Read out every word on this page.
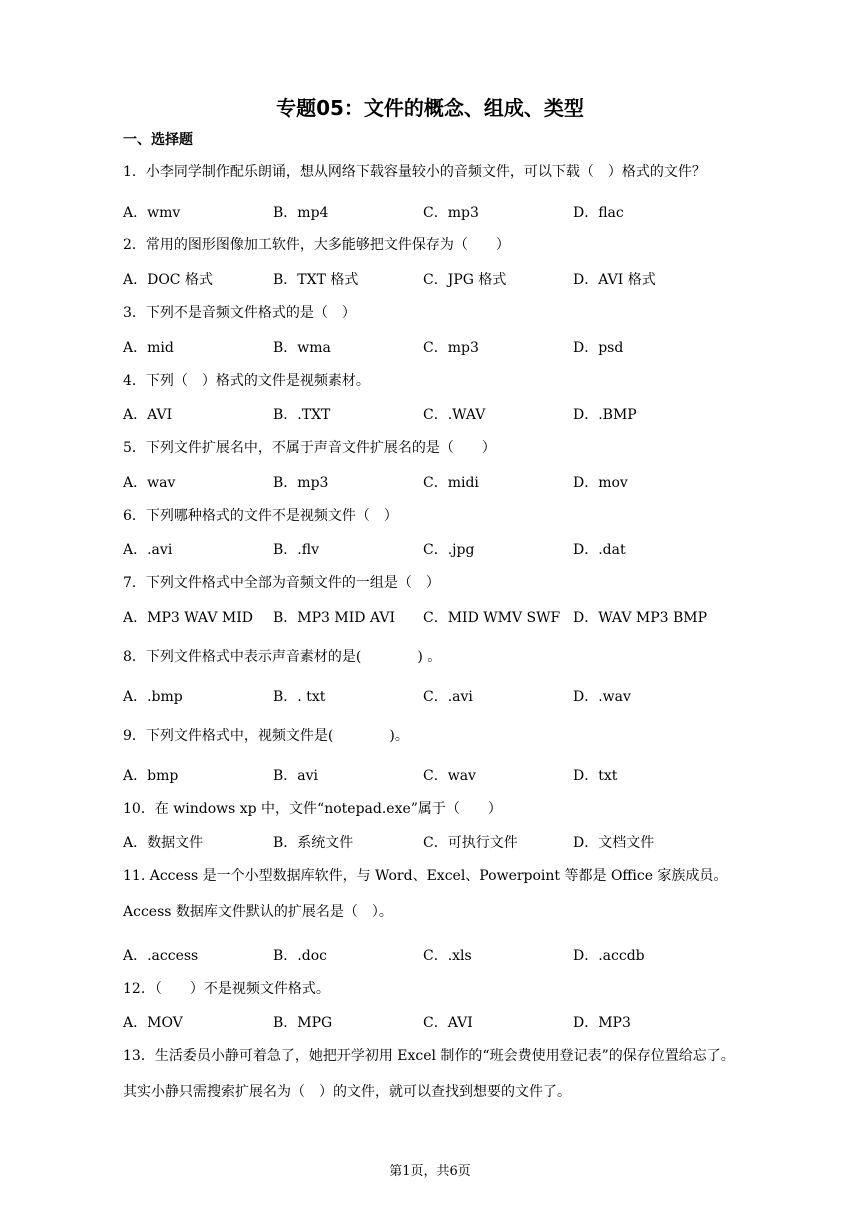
专题05：文件的概念、组成、类型
一、选择题
1．小李同学制作配乐朗诵，想从网络下载容量较小的音频文件，可以下载（　）格式的文件？
A．wmv	B．mp4	C．mp3	D．flac
2．常用的图形图像加工软件，大多能够把文件保存为（　　）
A．DOC 格式	B．TXT 格式	C．JPG 格式	D．AVI 格式
3．下列不是音频文件格式的是（　）
A．mid	B．wma	C．mp3	D．psd
4．下列（　）格式的文件是视频素材。
A．AVI	B．.TXT	C．.WAV	D．.BMP
5．下列文件扩展名中，不属于声音文件扩展名的是（　　）
A．wav	B．mp3	C．midi	D．mov
6．下列哪种格式的文件不是视频文件（　）
A．.avi	B．.flv	C．.jpg	D．.dat
7．下列文件格式中全部为音频文件的一组是（　）
A．MP3 WAV MID B．MP3 MID AVI C．MID WMV SWF D．WAV MP3 BMP
8．下列文件格式中表示声音素材的是(　　　　) 。
A．.bmp	B．. txt	C．.avi	D．.wav
9．下列文件格式中，视频文件是(　　　　)。
A．bmp	B．avi	C．wav	D．txt
10．在 windows xp 中，文件“notepad.exe”属于（　　）
A．数据文件	B．系统文件	C．可执行文件	D．文档文件
11. Access 是一个小型数据库软件，与 Word、Excel、Powerpoint 等都是 Office 家族成员。Access 数据库文件默认的扩展名是（　）。
A．.access	B．.doc	C．.xls	D．.accdb
12．（　　）不是视频文件格式。
A．MOV	B．MPG	C．AVI	D．MP3
13．生活委员小静可着急了，她把开学初用 Excel 制作的“班会费使用登记表”的保存位置给忘了。其实小静只需搜索扩展名为（　）的文件，就可以查找到想要的文件了。
第1页，共6页
